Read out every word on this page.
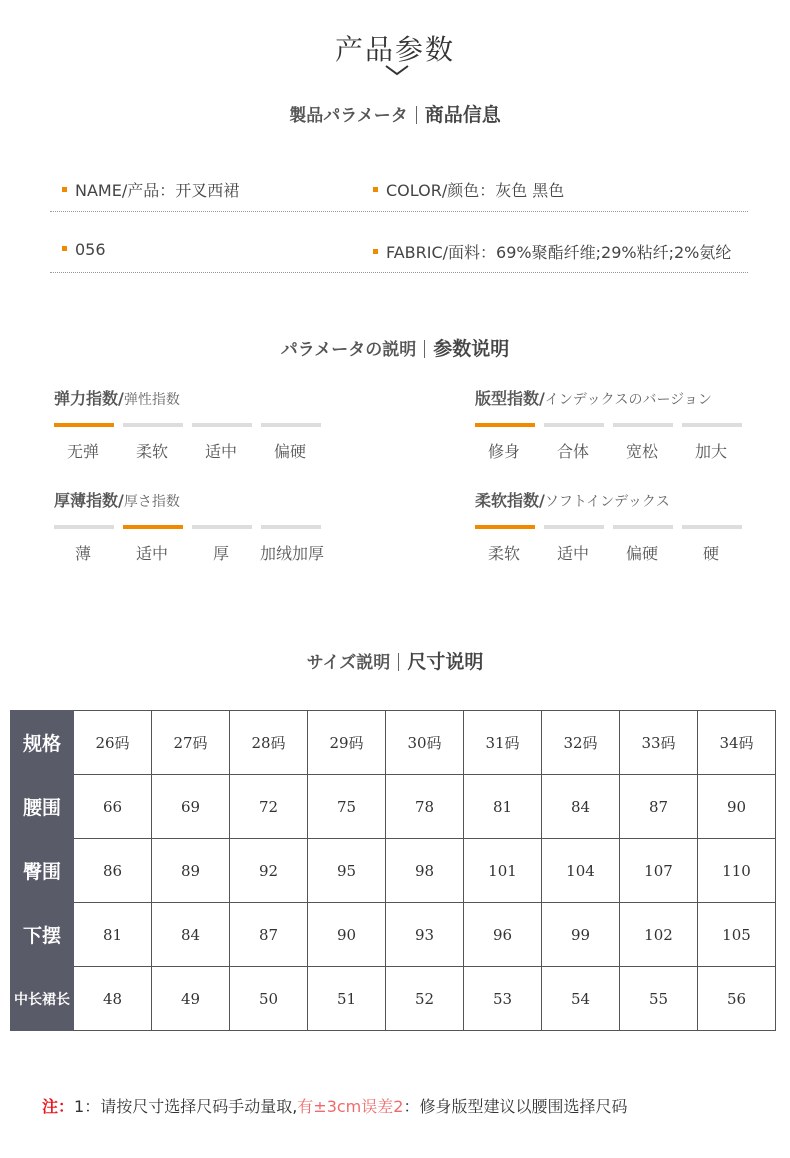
产品参数
製品パラメータ 商品信息
NAME/产品：开叉西裙	COLOR/颜色：灰色 黑色
056	FABRIC/面料：69%聚酯纤维;29%粘纤;2%氨纶
パラメータの説明 参数说明
弹力指数/弹性指数
无弹	柔软	适中	偏硬
版型指数/インデックスのバージョン
修身	合体	宽松	加大
厚薄指数/厚さ指数
薄	适中	厚	加绒加厚
柔软指数/ソフトインデックス
柔软	适中	偏硬	硬
サイズ説明 尺寸说明
规格	26码	27码	28码	29码	30码	31码	32码	33码	34码
腰围	66	69	72	75	78	81	84	87	90
臀围	86	89	92	95	98	101	104	107	110
下摆	81	84	87	90	93	96	99	102	105
中长裙长	48	49	50	51	52	53	54	55	56
注：1：请按尺寸选择尺码手动量取,有±3cm误差2：修身版型建议以腰围选择尺码
